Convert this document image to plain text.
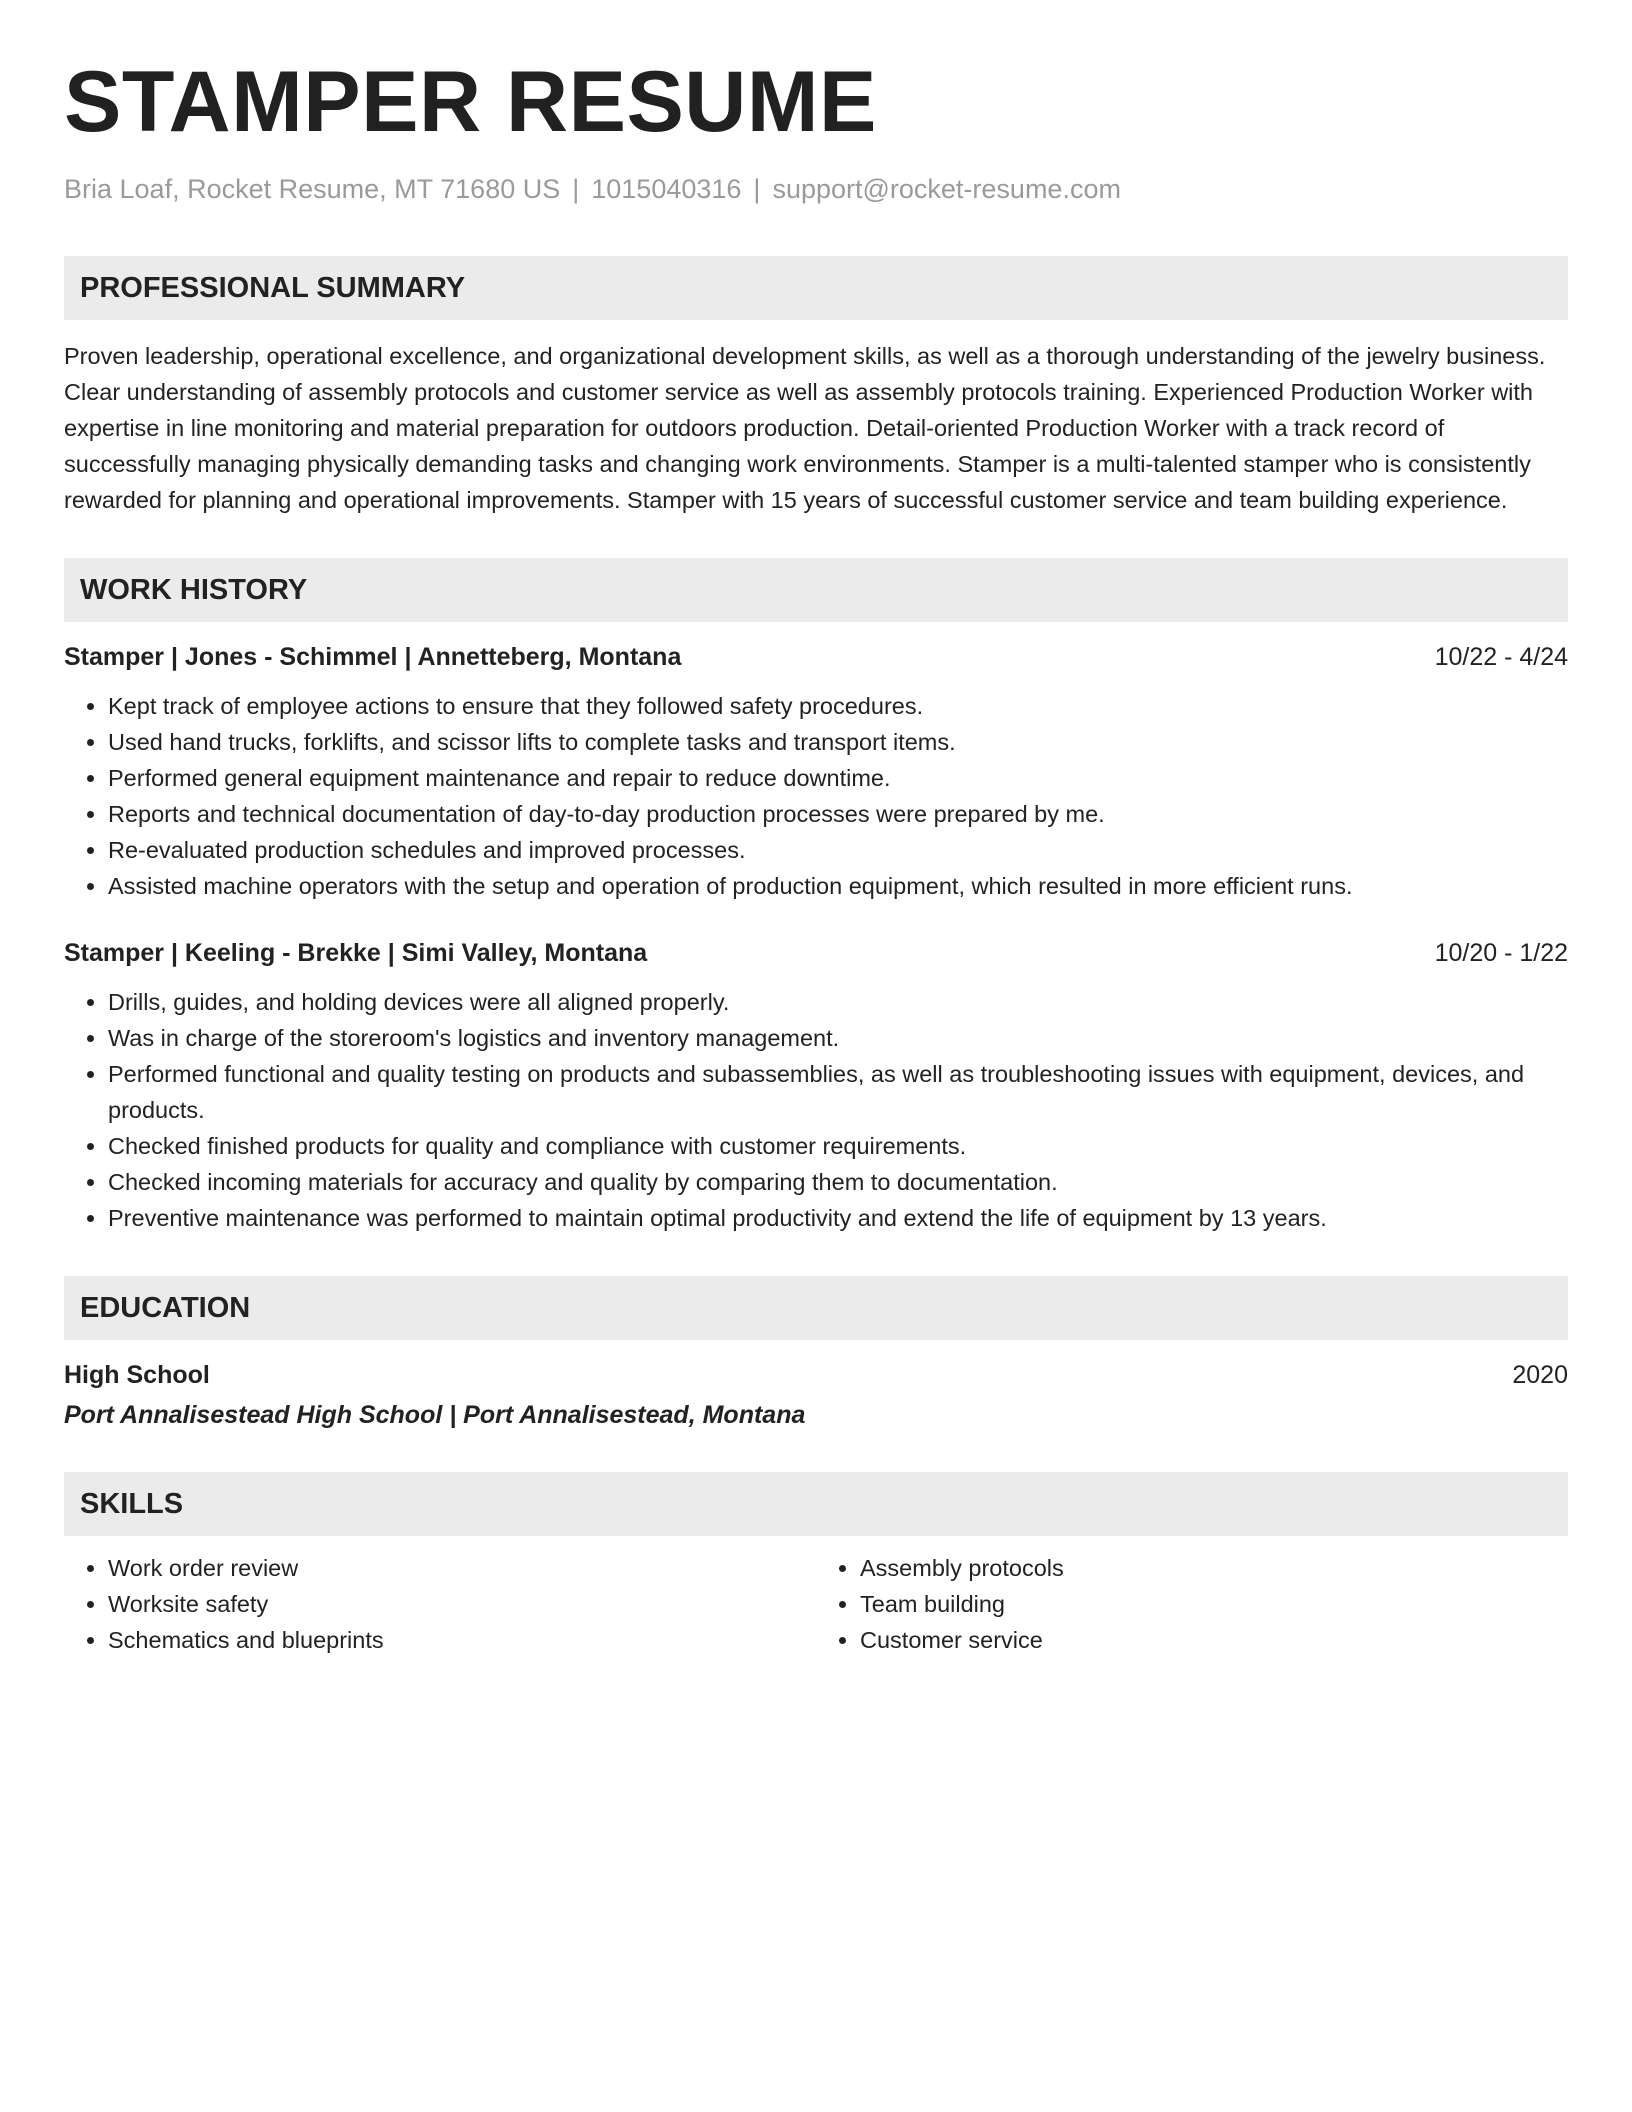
STAMPER RESUME
Bria Loaf, Rocket Resume, MT 71680 US | 1015040316 | support@rocket-resume.com
PROFESSIONAL SUMMARY

Proven leadership, operational excellence, and organizational development skills, as well as a thorough understanding of the jewelry business. Clear understanding of assembly protocols and customer service as well as assembly protocols training. Experienced Production Worker with expertise in line monitoring and material preparation for outdoors production. Detail-oriented Production Worker with a track record of successfully managing physically demanding tasks and changing work environments. Stamper is a multi-talented stamper who is consistently rewarded for planning and operational improvements. Stamper with 15 years of successful customer service and team building experience.

WORK HISTORY
Stamper | Jones - Schimmel | Annetteberg, Montana	10/22 - 4/24
• Kept track of employee actions to ensure that they followed safety procedures.
• Used hand trucks, forklifts, and scissor lifts to complete tasks and transport items.
• Performed general equipment maintenance and repair to reduce downtime.
• Reports and technical documentation of day-to-day production processes were prepared by me.
• Re-evaluated production schedules and improved processes.
• Assisted machine operators with the setup and operation of production equipment, which resulted in more efficient runs.
Stamper | Keeling - Brekke | Simi Valley, Montana	10/20 - 1/22
• Drills, guides, and holding devices were all aligned properly.
• Was in charge of the storeroom's logistics and inventory management.
• Performed functional and quality testing on products and subassemblies, as well as troubleshooting issues with equipment, devices, and products.
• Checked finished products for quality and compliance with customer requirements.
• Checked incoming materials for accuracy and quality by comparing them to documentation.
• Preventive maintenance was performed to maintain optimal productivity and extend the life of equipment by 13 years.
EDUCATION
High School	2020
Port Annalisestead High School | Port Annalisestead, Montana
SKILLS
• Work order review
• Worksite safety
• Schematics and blueprints
• Assembly protocols
• Team building
• Customer service
